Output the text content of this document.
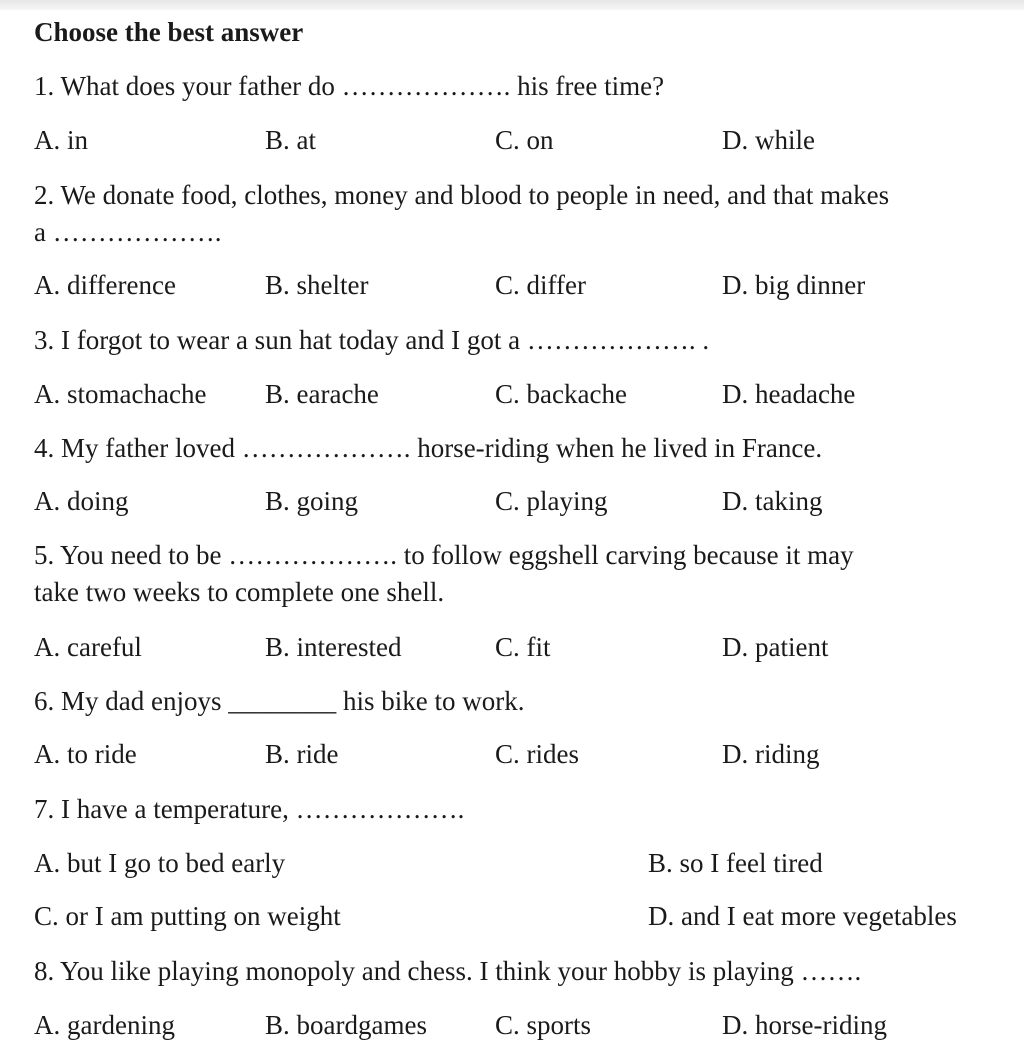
Choose the best answer
1. What does your father do ………………. his free time?
A. in	B. at	C. on	D. while
2. We donate food, clothes, money and blood to people in need, and that makes
a ……………….
A. difference	B. shelter	C. differ	D. big dinner
3. I forgot to wear a sun hat today and I got a ………………. .
A. stomachache B. earache	C. backache	D. headache
4. My father loved ………………. horse-riding when he lived in France.
A. doing	B. going	C. playing	D. taking
5. You need to be ………………. to follow eggshell carving because it may
take two weeks to complete one shell.
A. careful	B. interested	C. fit	D. patient
6. My dad enjoys ________ his bike to work.
A. to ride	B. ride	C. rides	D. riding
7. I have a temperature, ……………….
A. but I go to bed early	B. so I feel tired
C. or I am putting on weight	D. and I eat more vegetables
8. You like playing monopoly and chess. I think your hobby is playing …….
A. gardening	B. boardgames	C. sports	D. horse-riding
